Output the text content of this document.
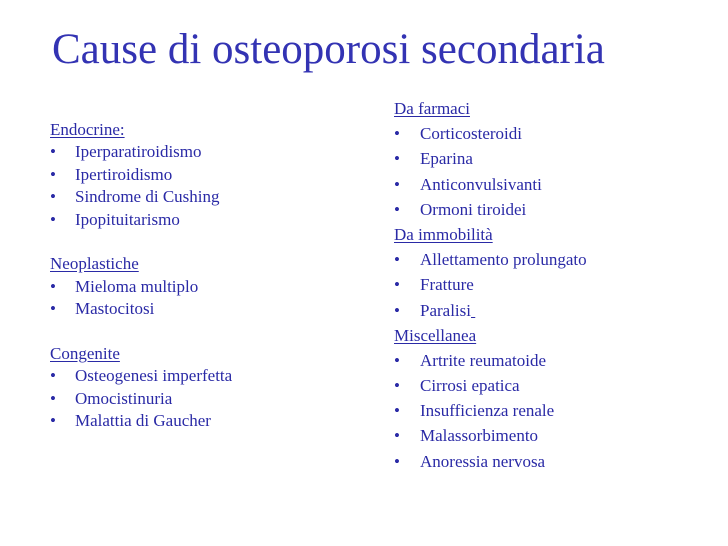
Cause di osteoporosi secondaria
Endocrine:
• Iperparatiroidismo
• Ipertiroidismo
• Sindrome di Cushing
• Ipopituitarismo
Neoplastiche
• Mieloma multiplo
• Mastocitosi
Congenite
• Osteogenesi imperfetta
• Omocistinuria
• Malattia di Gaucher
Da farmaci
• Corticosteroidi
• Eparina
• Anticonvulsivanti
• Ormoni tiroidei
Da immobilità
• Allettamento prolungato
• Fratture
• Paralisi
Miscellanea
• Artrite reumatoide
• Cirrosi epatica
• Insufficienza renale
• Malassorbimento
• Anoressia nervosa
